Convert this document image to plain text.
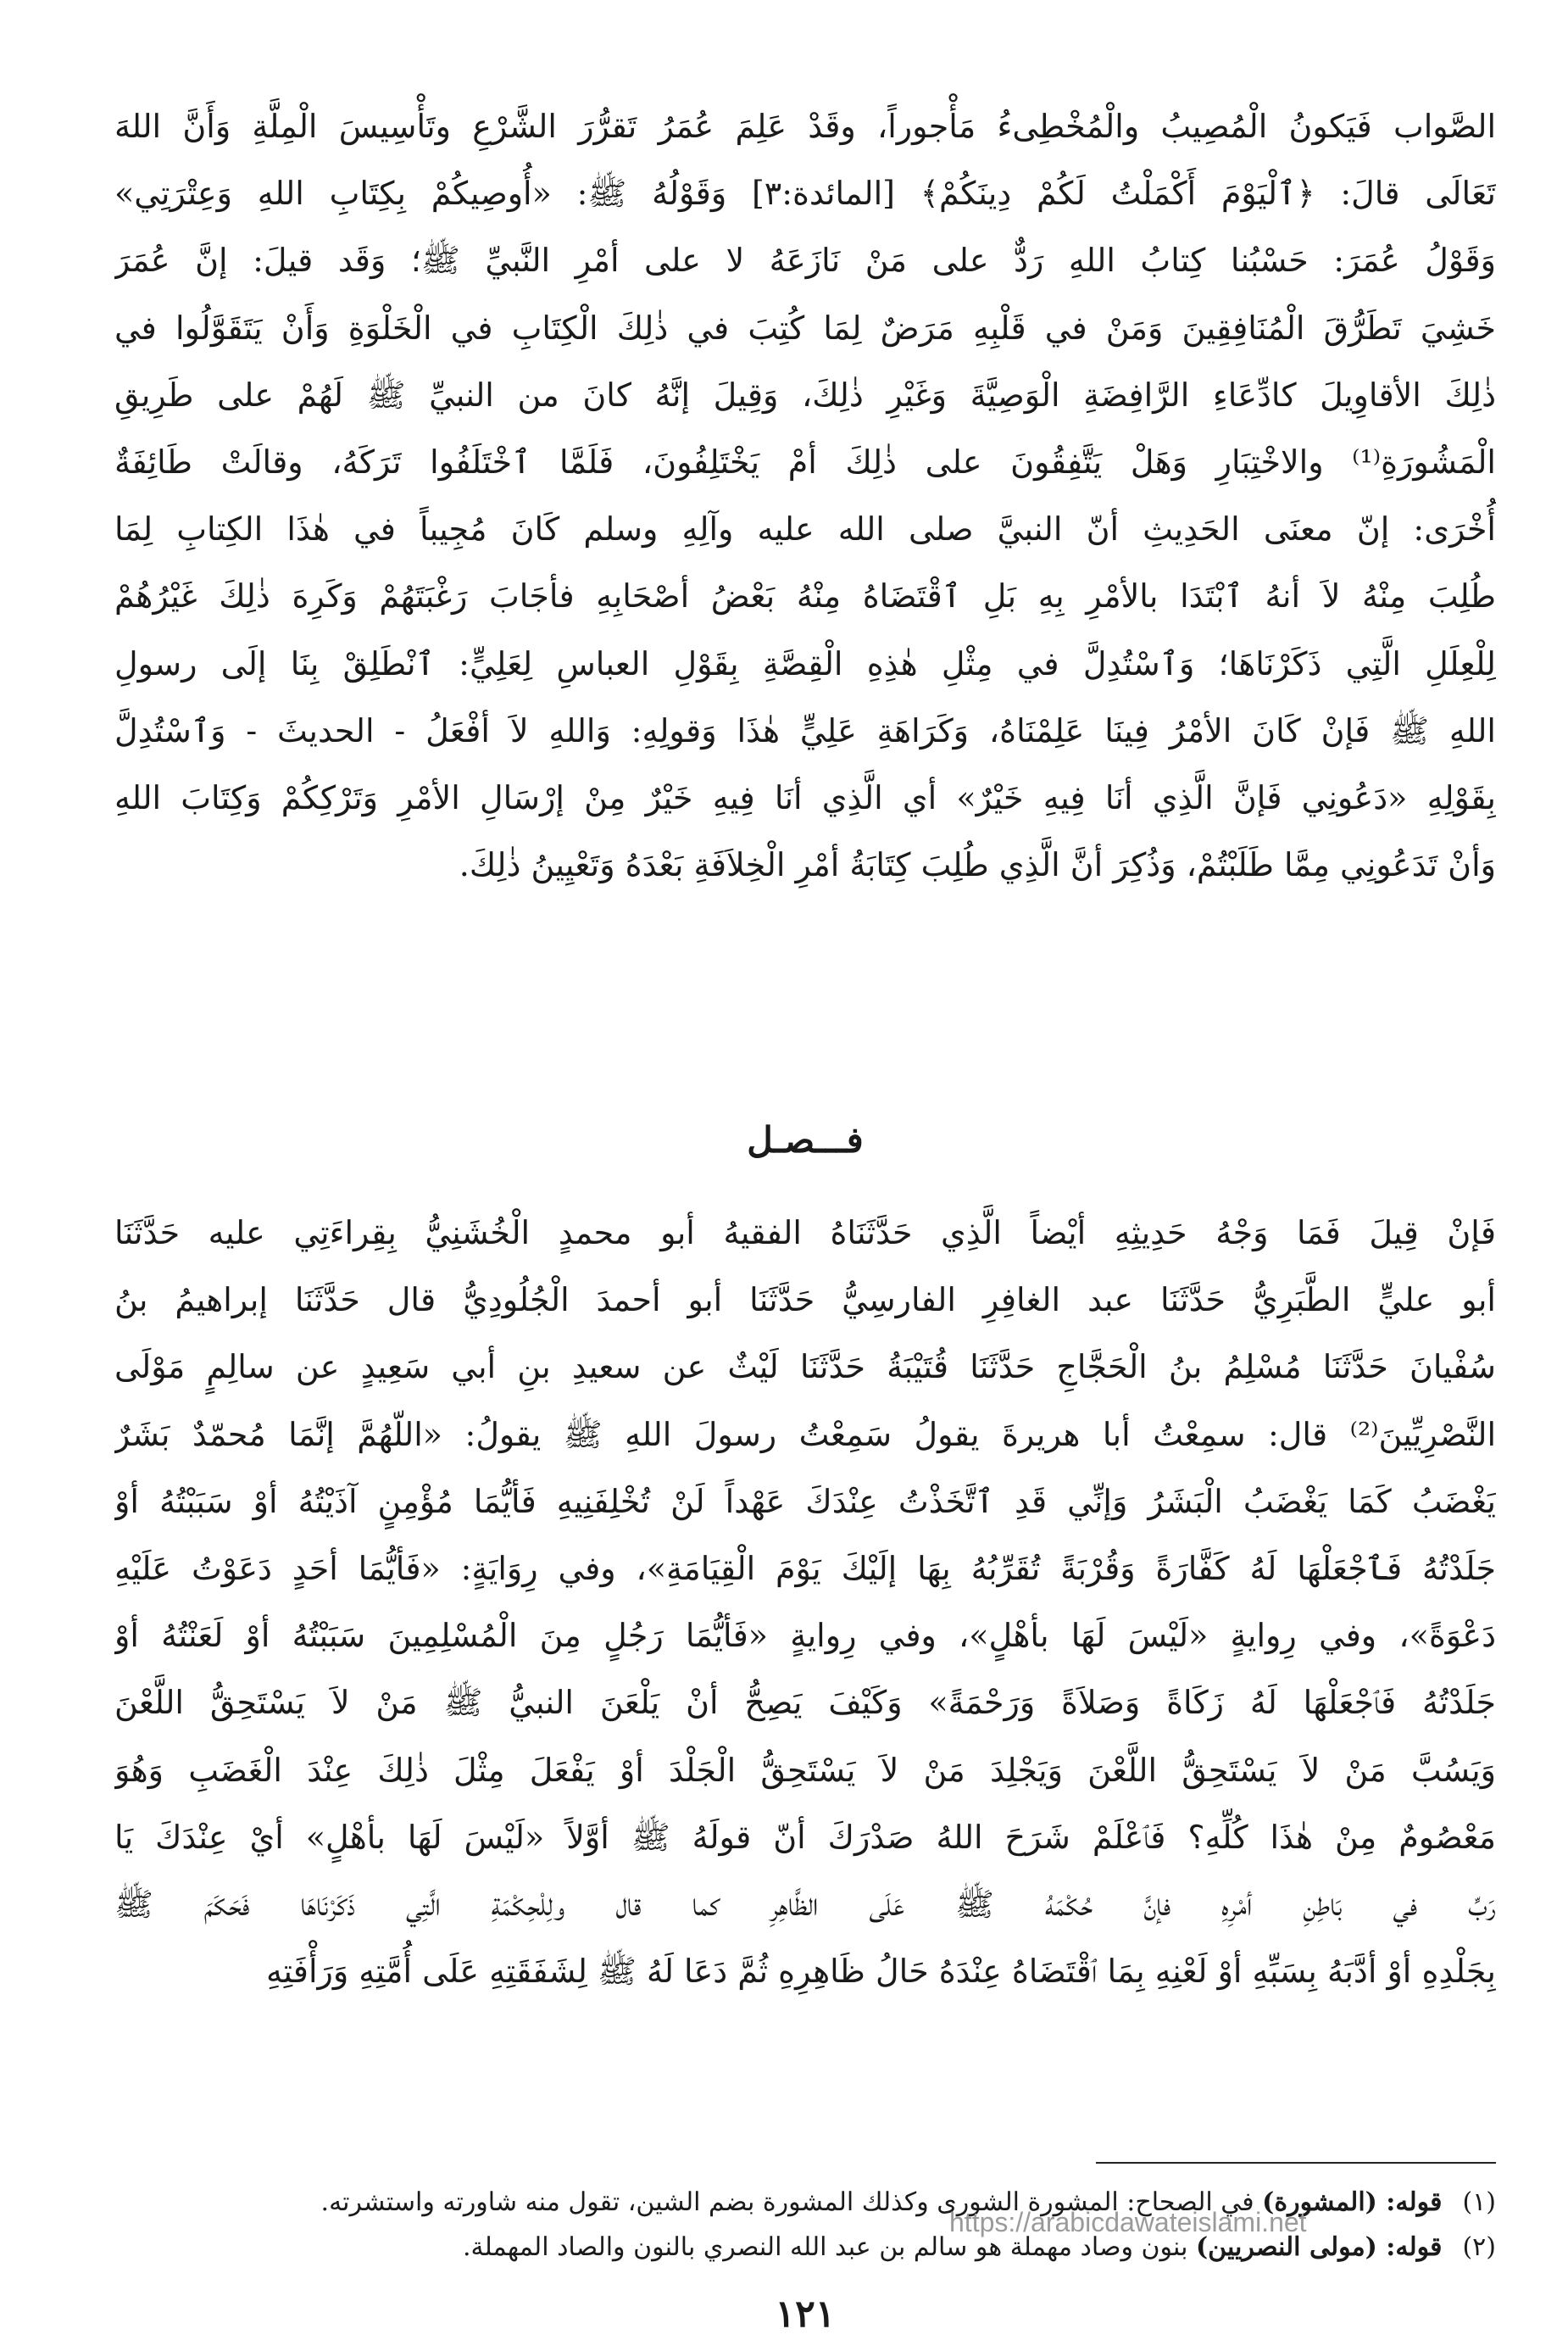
الصَّواب فَيَكونُ الْمُصِيبُ والْمُخْطِىءُ مَأْجوراً، وقَدْ عَلِمَ عُمَرُ تَقرُّرَ الشَّرْعِ وتَأْسِيسَ الْمِلَّةِ وَأَنَّ اللهَ

تَعَالَى قالَ: ﴿ٱلْيَوْمَ أَكْمَلْتُ لَكُمْ دِينَكُمْ﴾ [المائدة:٣] وَقَوْلُهُ ﷺ: «أُوصِيكُمْ بِكِتَابِ اللهِ وَعِتْرَتِي»

وَقَوْلُ عُمَرَ: حَسْبُنا كِتابُ اللهِ رَدٌّ على مَنْ نَازَعَهُ لا على أمْرِ النَّبيِّ ﷺ؛ وَقَد قيلَ: إنَّ عُمَرَ

خَشِيَ تَطَرُّقَ الْمُنَافِقِينَ وَمَنْ في قَلْبِهِ مَرَضٌ لِمَا كُتِبَ في ذٰلِكَ الْكِتَابِ في الْخَلْوَةِ وَأَنْ يَتَقَوَّلُوا في

ذٰلِكَ الأقاوِيلَ كادِّعَاءِ الرَّافِضَةِ الْوَصِيَّةَ وَغَيْرِ ذٰلِكَ، وَقِيلَ إنَّهُ كانَ من النبيِّ ﷺ لَهُمْ على طَرِيقِ

الْمَشُورَةِ⁽¹⁾ والاخْتِبَارِ وَهَلْ يَتَّفِقُونَ على ذٰلِكَ أمْ يَخْتَلِفُونَ، فَلَمَّا ٱخْتَلَفُوا تَرَكَهُ، وقالَتْ طَائِفَةٌ

أُخْرَى: إنّ معنَى الحَدِيثِ أنّ النبيَّ صلى الله عليه وآلِهِ وسلم كَانَ مُجِيباً في هٰذَا الكِتابِ لِمَا

طُلِبَ مِنْهُ لاَ أنهُ ٱبْتَدَا بالأمْرِ بِهِ بَلِ ٱقْتَضَاهُ مِنْهُ بَعْضُ أصْحَابِهِ فأجَابَ رَغْبَتَهُمْ وَكَرِهَ ذٰلِكَ غَيْرُهُمْ

لِلْعِلَلِ الَّتِي ذَكَرْنَاهَا؛ وَٱسْتُدِلَّ في مِثْلِ هٰذِهِ الْقِصَّةِ بِقَوْلِ العباسِ لِعَلِيٍّ: ٱنْطَلِقْ بِنَا إلَى رسولِ

اللهِ ﷺ فَإنْ كَانَ الأمْرُ فِينَا عَلِمْنَاهُ، وَكَرَاهَةِ عَلِيٍّ هٰذَا وَقولِهِ: وَاللهِ لاَ أفْعَلُ - الحديثَ - وَٱسْتُدِلَّ

بِقَوْلِهِ «دَعُونِي فَإنَّ الَّذِي أنَا فِيهِ خَيْرٌ» أي الَّذِي أنَا فِيهِ خَيْرٌ مِنْ إرْسَالِ الأمْرِ وَتَرْكِكُمْ وَكِتَابَ اللهِ

وَأنْ تَدَعُونِي مِمَّا طَلَبْتُمْ، وَذُكِرَ أنَّ الَّذِي طُلِبَ كِتَابَةُ أمْرِ الْخِلاَفَةِ بَعْدَهُ وَتَعْيِينُ ذٰلِكَ.

فـــصـل

فَإنْ قِيلَ فَمَا وَجْهُ حَدِيثِهِ أيْضاً الَّذِي حَدَّثَنَاهُ الفقيهُ أبو محمدٍ الْخُشَنِيُّ بِقِراءَتِي عليه حَدَّثَنَا

أبو عليٍّ الطَّبَرِيُّ حَدَّثَنَا عبد الغافِرِ الفارسِيُّ حَدَّثَنَا أبو أحمدَ الْجُلُودِيُّ قال حَدَّثَنَا إبراهيمُ بنُ

سُفْيانَ حَدَّثَنَا مُسْلِمُ بنُ الْحَجَّاجِ حَدَّثَنَا قُتَيْبَةُ حَدَّثَنَا لَيْثٌ عن سعيدِ بنِ أبي سَعِيدٍ عن سالِمٍ مَوْلَى

النَّصْرِيِّينَ⁽²⁾ قال: سمِعْتُ أبا هريرةَ يقولُ سَمِعْتُ رسولَ اللهِ ﷺ يقولُ: «اللّهُمَّ إنَّمَا مُحمّدٌ بَشَرٌ

يَغْضَبُ كَمَا يَغْضَبُ الْبَشَرُ وَإنِّي قَدِ ٱتَّخَذْتُ عِنْدَكَ عَهْداً لَنْ تُخْلِفَنِيهِ فَأيُّمَا مُؤْمِنٍ آذَيْتُهُ أوْ سَبَبْتُهُ أوْ

جَلَدْتُهُ فَٱجْعَلْهَا لَهُ كَفَّارَةً وَقُرْبَةً تُقَرِّبُهُ بِهَا إلَيْكَ يَوْمَ الْقِيَامَةِ»، وفي رِوَايَةٍ: «فَأيُّمَا أحَدٍ دَعَوْتُ عَلَيْهِ

دَعْوَةً»، وفي رِوايةٍ «لَيْسَ لَهَا بأهْلٍ»، وفي رِوايةٍ «فَأيُّمَا رَجُلٍ مِنَ الْمُسْلِمِينَ سَبَبْتُهُ أوْ لَعَنْتُهُ أوْ

جَلَدْتُهُ فَٱجْعَلْهَا لَهُ زَكَاةً وَصَلاَةً وَرَحْمَةً» وَكَيْفَ يَصِحُّ أنْ يَلْعَنَ النبيُّ ﷺ مَنْ لاَ يَسْتَحِقُّ اللَّعْنَ

وَيَسُبَّ مَنْ لاَ يَسْتَحِقُّ اللَّعْنَ وَيَجْلِدَ مَنْ لاَ يَسْتَحِقُّ الْجَلْدَ أوْ يَفْعَلَ مِثْلَ ذٰلِكَ عِنْدَ الْغَضَبِ وَهُوَ

مَعْصُومٌ مِنْ هٰذَا كُلِّهِ؟ فَٱعْلَمْ شَرَحَ اللهُ صَدْرَكَ أنّ قولَهُ ﷺ أوَّلاً «لَيْسَ لَهَا بأهْلٍ» أيْ عِنْدَكَ يَا

رَبِّ في بَاطِنِ أمْرِهِ فإنَّ حُكْمَهُ ﷺ عَلَى الظَّاهِرِ كما قال ولِلْحِكْمَةِ الَّتِي ذَكَرْنَاهَا فَحَكَمَ ﷺ

بِجَلْدِهِ أوْ أدَّبَهُ بِسَبِّهِ أوْ لَعْنِهِ بِمَا ٱقْتَضَاهُ عِنْدَهُ حَالُ ظَاهِرِهِ ثُمَّ دَعَا لَهُ ﷺ لِشَفَقَتِهِ عَلَى أُمَّتِهِ وَرَأْفَتِهِ

(١)قوله: (المشورة) في الصحاح: المشورة الشورى وكذلك المشورة بضم الشين، تقول منه شاورته واستشرته.
(٢)قوله: (مولى النصريين) بنون وصاد مهملة هو سالم بن عبد الله النصري بالنون والصاد المهملة.
١٢١
https://arabicdawateislami.net
